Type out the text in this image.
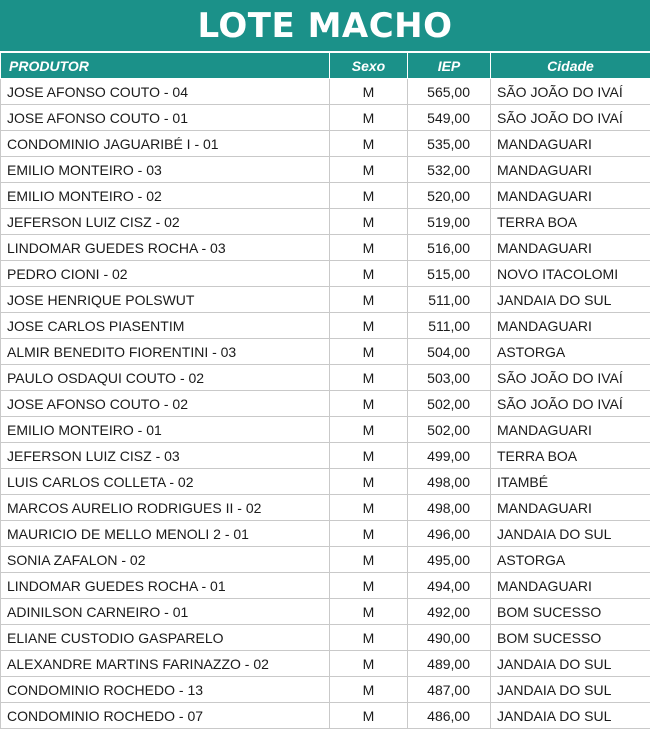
LOTE MACHO
PRODUTOR	Sexo	IEP	Cidade
JOSE AFONSO COUTO - 04	M	565,00	SÃO JOÃO DO IVAÍ
JOSE AFONSO COUTO - 01	M	549,00	SÃO JOÃO DO IVAÍ
CONDOMINIO JAGUARIBÉ I - 01	M	535,00	MANDAGUARI
EMILIO MONTEIRO - 03	M	532,00	MANDAGUARI
EMILIO MONTEIRO - 02	M	520,00	MANDAGUARI
JEFERSON LUIZ CISZ - 02	M	519,00	TERRA BOA
LINDOMAR GUEDES ROCHA - 03	M	516,00	MANDAGUARI
PEDRO CIONI - 02	M	515,00	NOVO ITACOLOMI
JOSE HENRIQUE POLSWUT	M	511,00	JANDAIA DO SUL
JOSE CARLOS PIASENTIM	M	511,00	MANDAGUARI
ALMIR BENEDITO FIORENTINI - 03	M	504,00	ASTORGA
PAULO OSDAQUI COUTO - 02	M	503,00	SÃO JOÃO DO IVAÍ
JOSE AFONSO COUTO - 02	M	502,00	SÃO JOÃO DO IVAÍ
EMILIO MONTEIRO - 01	M	502,00	MANDAGUARI
JEFERSON LUIZ CISZ - 03	M	499,00	TERRA BOA
LUIS CARLOS COLLETA - 02	M	498,00	ITAMBÉ
MARCOS AURELIO RODRIGUES II - 02	M	498,00	MANDAGUARI
MAURICIO DE MELLO MENOLI 2 - 01	M	496,00	JANDAIA DO SUL
SONIA ZAFALON - 02	M	495,00	ASTORGA
LINDOMAR GUEDES ROCHA - 01	M	494,00	MANDAGUARI
ADINILSON CARNEIRO - 01	M	492,00	BOM SUCESSO
ELIANE CUSTODIO GASPARELO	M	490,00	BOM SUCESSO
ALEXANDRE MARTINS FARINAZZO - 02	M	489,00	JANDAIA DO SUL
CONDOMINIO ROCHEDO - 13	M	487,00	JANDAIA DO SUL
CONDOMINIO ROCHEDO - 07	M	486,00	JANDAIA DO SUL
